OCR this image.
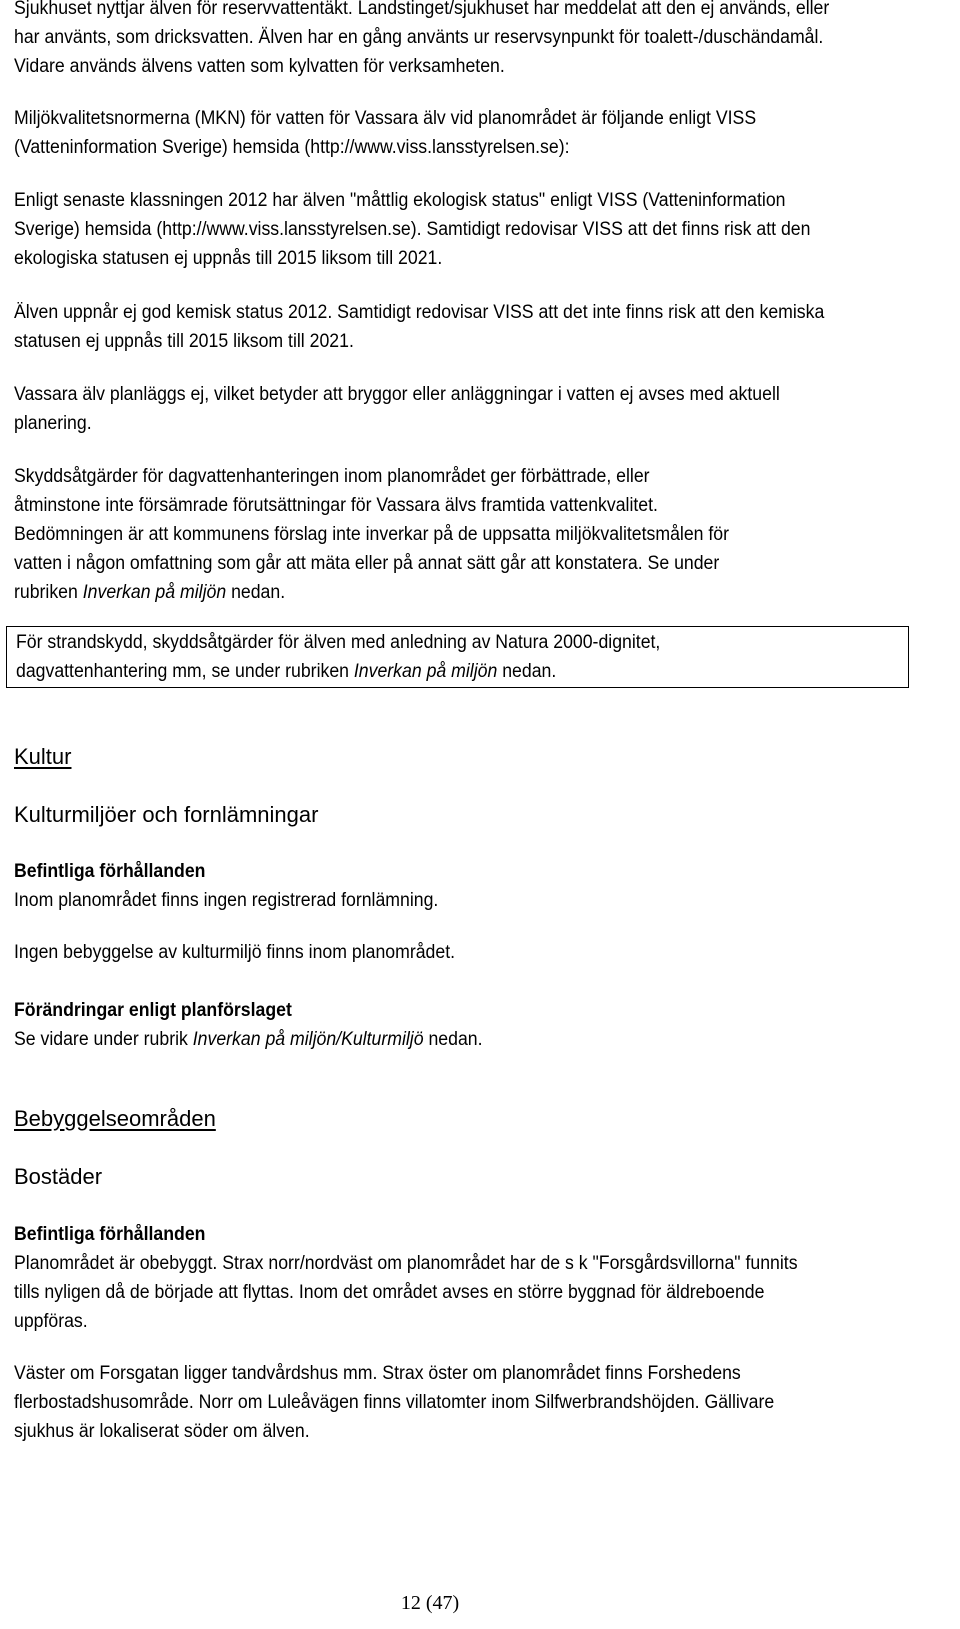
Sjukhuset nyttjar älven för reservvattentäkt. Landstinget/sjukhuset har meddelat att den ej används, eller

har använts, som dricksvatten. Älven har en gång använts ur reservsynpunkt för toalett-/duschändamål.

Vidare används älvens vatten som kylvatten för verksamheten.

Miljökvalitetsnormerna (MKN) för vatten för Vassara älv vid planområdet är följande enligt VISS

(Vatteninformation Sverige) hemsida (http://www.viss.lansstyrelsen.se):

Enligt senaste klassningen 2012 har älven "måttlig ekologisk status" enligt VISS (Vatteninformation

Sverige) hemsida (http://www.viss.lansstyrelsen.se). Samtidigt redovisar VISS att det finns risk att den

ekologiska statusen ej uppnås till 2015 liksom till 2021.

Älven uppnår ej god kemisk status 2012. Samtidigt redovisar VISS att det inte finns risk att den kemiska

statusen ej uppnås till 2015 liksom till 2021.

Vassara älv planläggs ej, vilket betyder att bryggor eller anläggningar i vatten ej avses med aktuell

planering.

Skyddsåtgärder för dagvattenhanteringen inom planområdet ger förbättrade, eller

åtminstone inte försämrade förutsättningar för Vassara älvs framtida vattenkvalitet.

Bedömningen är att kommunens förslag inte inverkar på de uppsatta miljökvalitetsmålen för

vatten i någon omfattning som går att mäta eller på annat sätt går att konstatera. Se under

rubriken Inverkan på miljön nedan.

För strandskydd, skyddsåtgärder för älven med anledning av Natura 2000-dignitet,

dagvattenhantering mm, se under rubriken Inverkan på miljön nedan.

Kultur
Kulturmiljöer och fornlämningar

Befintliga förhållanden

Inom planområdet finns ingen registrerad fornlämning.

Ingen bebyggelse av kulturmiljö finns inom planområdet.

Förändringar enligt planförslaget

Se vidare under rubrik Inverkan på miljön/Kulturmiljö nedan.

Bebyggelseområden
Bostäder

Befintliga förhållanden

Planområdet är obebyggt. Strax norr/nordväst om planområdet har de s k "Forsgårdsvillorna" funnits

tills nyligen då de började att flyttas. Inom det området avses en större byggnad för äldreboende

uppföras.

Väster om Forsgatan ligger tandvårdshus mm. Strax öster om planområdet finns Forshedens

flerbostadshusområde. Norr om Luleåvägen finns villatomter inom Silfwerbrandshöjden. Gällivare

sjukhus är lokaliserat söder om älven.

12 (47)
